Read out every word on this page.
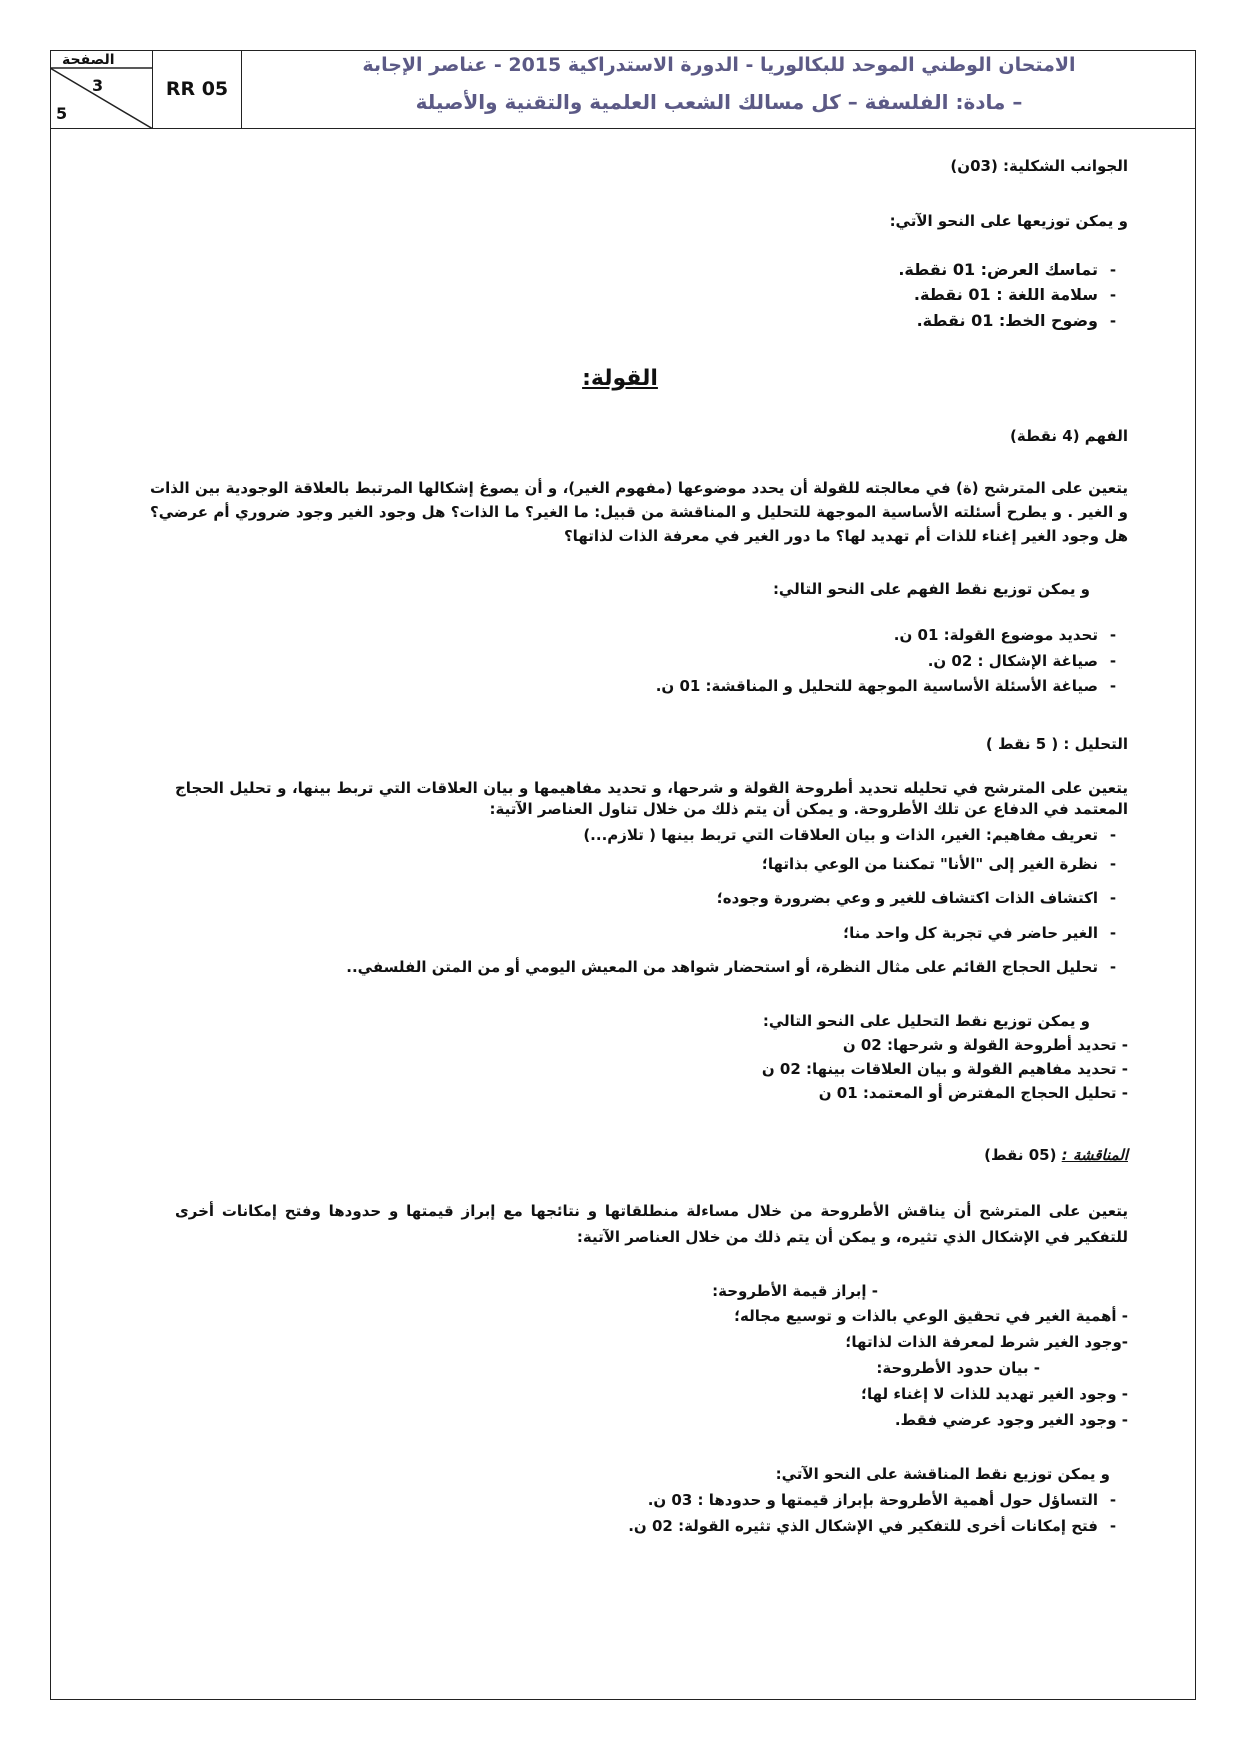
الصفحة
3
5
RR 05
الامتحان الوطني الموحد للبكالوريا - الدورة الاستدراكية 2015 - عناصر الإجابة
– مادة: الفلسفة – كل مسالك الشعب العلمية والتقنية والأصيلة
الجوانب الشكلية: (03ن)
و يمكن توزيعها على النحو الآتي:
-تماسك العرض: 01 نقطة.
-سلامة اللغة : 01 نقطة.
-وضوح الخط: 01 نقطة.
القولة:
الفهم (4 نقطة)
يتعين على المترشح (ة) في معالجته للقولة أن يحدد موضوعها (مفهوم الغير)، و أن يصوغ إشكالها المرتبط بالعلاقة الوجودية بين الذات و الغير . و يطرح أسئلته الأساسية الموجهة للتحليل و المناقشة من قبيل: ما الغير؟ ما الذات؟ هل وجود الغير وجود ضروري أم عرضي؟ هل وجود الغير إغناء للذات أم تهديد لها؟ ما دور الغير في معرفة الذات لذاتها؟
و يمكن توزيع نقط الفهم على النحو التالي:
-تحديد موضوع القولة: 01 ن.
-صياغة الإشكال : 02 ن.
-صياغة الأسئلة الأساسية الموجهة للتحليل و المناقشة: 01 ن.
التحليل : ( 5 نقط )
يتعين على المترشح في تحليله تحديد أطروحة القولة و شرحها، و تحديد مفاهيمها و بيان العلاقات التي تربط بينها، و تحليل الحجاج المعتمد في الدفاع عن تلك الأطروحة. و يمكن أن يتم ذلك من خلال تناول العناصر الآتية:
-تعريف مفاهيم: الغير، الذات و بيان العلاقات التي تربط بينها ( تلازم...)
-نظرة الغير إلى "الأنا" تمكننا من الوعي بذاتها؛
-اكتشاف الذات اكتشاف للغير و وعي بضرورة وجوده؛
-الغير حاضر في تجربة كل واحد منا؛
-تحليل الحجاج القائم على مثال النظرة، أو استحضار شواهد من المعيش اليومي أو من المتن الفلسفي..
و يمكن توزيع نقط التحليل على النحو التالي:
- تحديد أطروحة القولة و شرحها: 02 ن
- تحديد مفاهيم القولة و بيان العلاقات بينها: 02 ن
- تحليل الحجاج المفترض أو المعتمد: 01 ن
المناقشة : (05 نقط)
يتعين على المترشح أن يناقش الأطروحة من خلال مساءلة منطلقاتها و نتائجها مع إبراز قيمتها و حدودها وفتح إمكانات أخرى للتفكير في الإشكال الذي تثيره، و يمكن أن يتم ذلك من خلال العناصر الآتية:
- إبراز قيمة الأطروحة:
- أهمية الغير في تحقيق الوعي بالذات و توسيع مجاله؛
-وجود الغير شرط لمعرفة الذات لذاتها؛
- بيان حدود الأطروحة:
- وجود الغير تهديد للذات لا إغناء لها؛
- وجود الغير وجود عرضي فقط.
و يمكن توزيع نقط المناقشة على النحو الآتي:
-التساؤل حول أهمية الأطروحة بإبراز قيمتها و حدودها : 03 ن.
-فتح إمكانات أخرى للتفكير في الإشكال الذي تثيره القولة: 02 ن.
